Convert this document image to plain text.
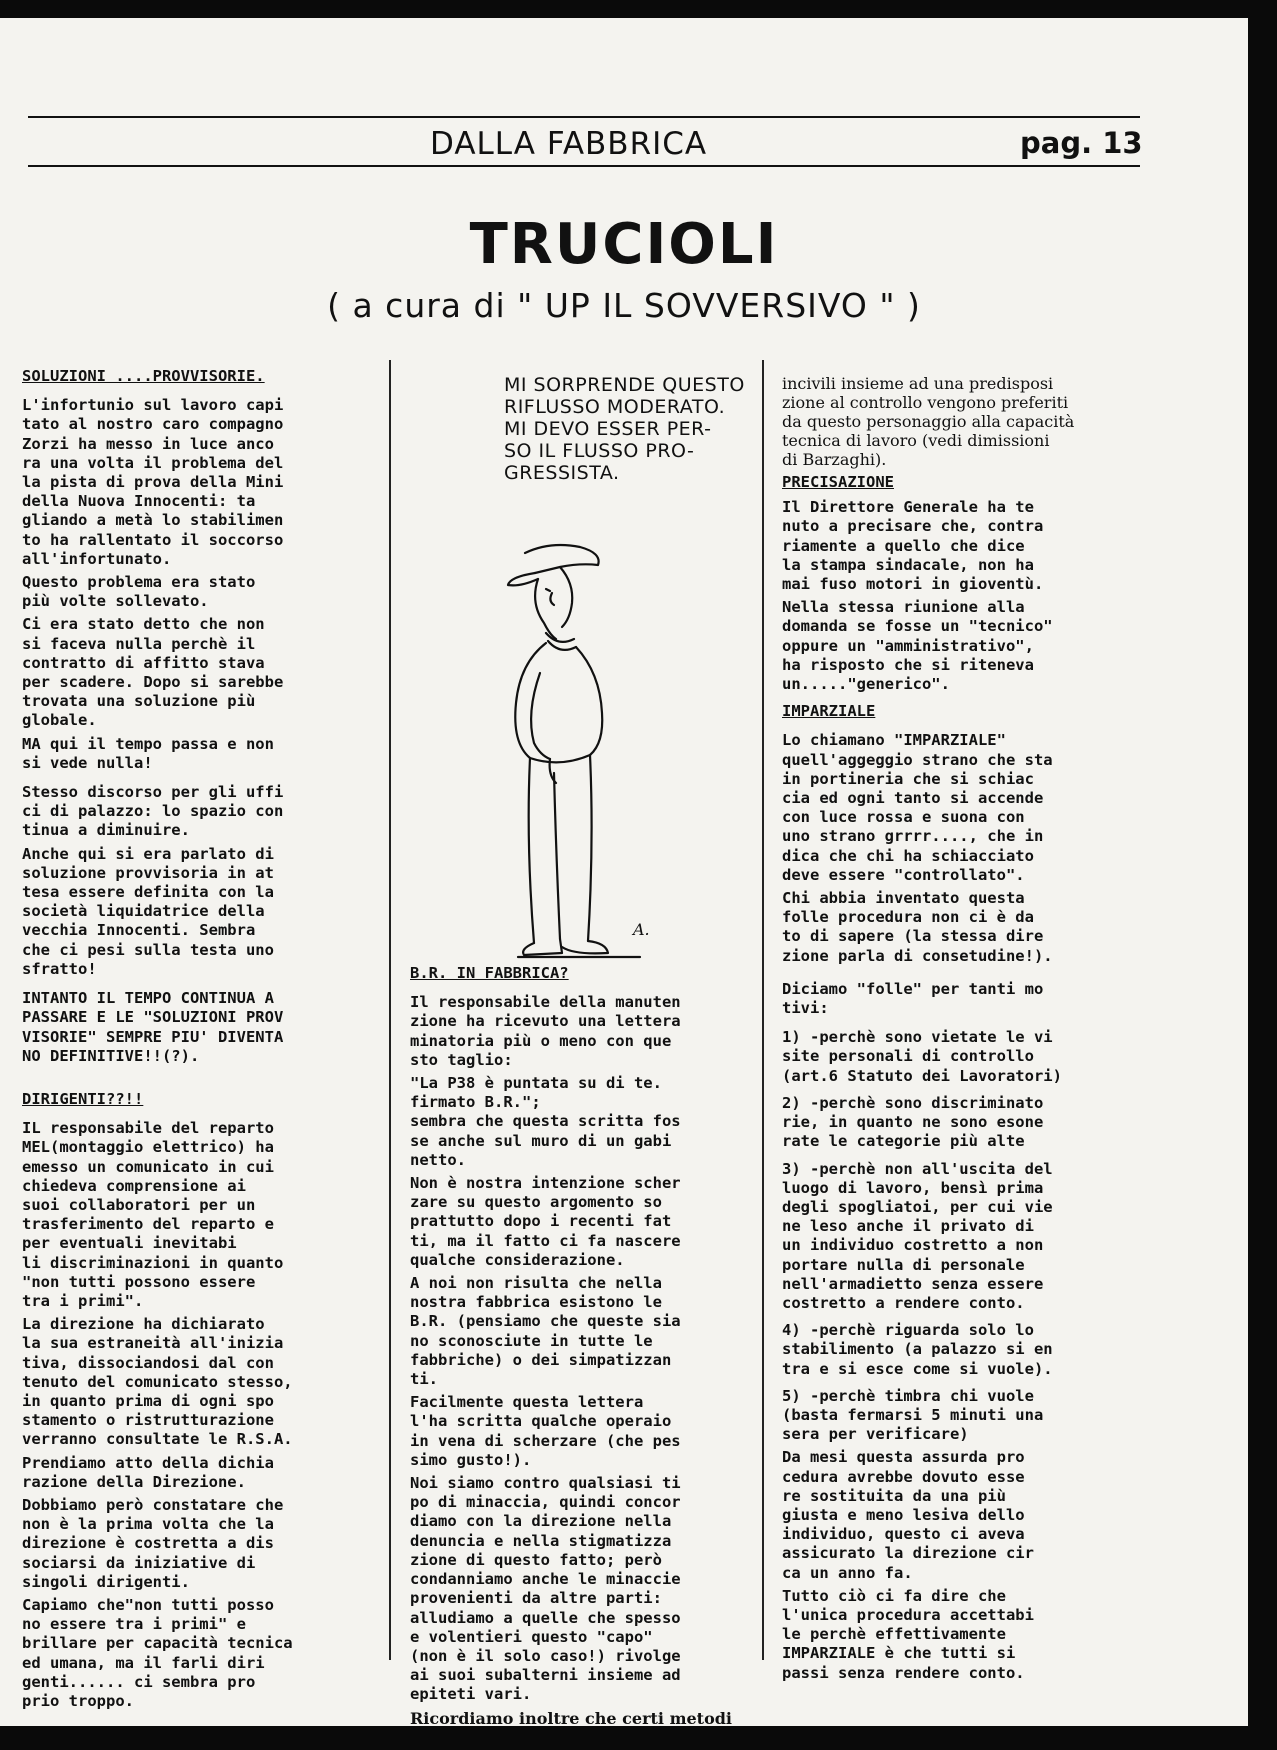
DALLA FABBRICA	pag. 13
TRUCIOLI
( a cura di " UP IL SOVVERSIVO " )

SOLUZIONI ....PROVVISORIE.

L'infortunio sul lavoro capi
tato al nostro caro compagno
Zorzi ha messo in luce anco
ra una volta il problema del
la pista di prova della Mini
della Nuova Innocenti: ta
gliando a metà lo stabilimen
to ha rallentato il soccorso
all'infortunato.

Questo problema era stato
più volte sollevato.

Ci era stato detto che non
si faceva nulla perchè il
contratto di affitto stava
per scadere. Dopo si sarebbe
trovata una soluzione più
globale.

MA qui il tempo passa e non
si vede nulla!

Stesso discorso per gli uffi
ci di palazzo: lo spazio con
tinua a diminuire.

Anche qui si era parlato di
soluzione provvisoria in at
tesa essere definita con la
società liquidatrice della
vecchia Innocenti. Sembra
che ci pesi sulla testa uno
sfratto!

INTANTO IL TEMPO CONTINUA A
PASSARE E LE "SOLUZIONI PROV
VISORIE" SEMPRE PIU' DIVENTA
NO DEFINITIVE!!(?).

DIRIGENTI??!!

IL responsabile del reparto
MEL(montaggio elettrico) ha
emesso un comunicato in cui
chiedeva comprensione ai
suoi collaboratori per un
trasferimento del reparto e
per eventuali inevitabi
li discriminazioni in quanto
"non tutti possono essere
tra i primi".

La direzione ha dichiarato
la sua estraneità all'inizia
tiva, dissociandosi dal con
tenuto del comunicato stesso,
in quanto prima di ogni spo
stamento o ristrutturazione
verranno consultate le R.S.A.

Prendiamo atto della dichia
razione della Direzione.

Dobbiamo però constatare che
non è la prima volta che la
direzione è costretta a dis
sociarsi da iniziative di
singoli dirigenti.

Capiamo che"non tutti posso
no essere tra i primi" e
brillare per capacità tecnica
ed umana, ma il farli diri
genti...... ci sembra pro
prio troppo.

MI SORPRENDE QUESTO
RIFLUSSO MODERATO.
MI DEVO ESSER PER-
SO IL FLUSSO PRO-
GRESSISTA.
A.

B.R. IN FABBRICA?

Il responsabile della manuten
zione ha ricevuto una lettera
minatoria più o meno con que
sto taglio:

"La P38 è puntata su di te.
firmato B.R.";
sembra che questa scritta fos
se anche sul muro di un gabi
netto.

Non è nostra intenzione scher
zare su questo argomento so
prattutto dopo i recenti fat
ti, ma il fatto ci fa nascere
qualche considerazione.

A noi non risulta che nella
nostra fabbrica esistono le
B.R. (pensiamo che queste sia
no sconosciute in tutte le
fabbriche) o dei simpatizzan
ti.

Facilmente questa lettera
l'ha scritta qualche operaio
in vena di scherzare (che pes
simo gusto!).

Noi siamo contro qualsiasi ti
po di minaccia, quindi concor
diamo con la direzione nella
denuncia e nella stigmatizza
zione di questo fatto; però
condanniamo anche le minaccie
provenienti da altre parti:
alludiamo a quelle che spesso
e volentieri questo "capo"
(non è il solo caso!) rivolge
ai suoi subalterni insieme ad
epiteti vari.

Ricordiamo inoltre che certi metodi

incivili insieme ad una predisposi
zione al controllo vengono preferiti
da questo personaggio alla capacità
tecnica di lavoro (vedi dimissioni
di Barzaghi).

PRECISAZIONE

Il Direttore Generale ha te
nuto a precisare che, contra
riamente a quello che dice
la stampa sindacale, non ha
mai fuso motori in gioventù.

Nella stessa riunione alla
domanda se fosse un "tecnico"
oppure un "amministrativo",
ha risposto che si riteneva
un....."generico".

IMPARZIALE

Lo chiamano "IMPARZIALE"
quell'aggeggio strano che sta
in portineria che si schiac
cia ed ogni tanto si accende
con luce rossa e suona con
uno strano grrrr...., che in
dica che chi ha schiacciato
deve essere "controllato".

Chi abbia inventato questa
folle procedura non ci è da
to di sapere (la stessa dire
zione parla di consetudine!).

Diciamo "folle" per tanti mo
tivi:

1) -perchè sono vietate le vi
site personali di controllo
(art.6 Statuto dei Lavoratori)

2) -perchè sono discriminato
rie, in quanto ne sono esone
rate le categorie più alte

3) -perchè non all'uscita del
luogo di lavoro, bensì prima
degli spogliatoi, per cui vie
ne leso anche il privato di
un individuo costretto a non
portare nulla di personale
nell'armadietto senza essere
costretto a rendere conto.

4) -perchè riguarda solo lo
stabilimento (a palazzo si en
tra e si esce come si vuole).

5) -perchè timbra chi vuole
(basta fermarsi 5 minuti una
sera per verificare)

Da mesi questa assurda pro
cedura avrebbe dovuto esse
re sostituita da una più
giusta e meno lesiva dello
individuo, questo ci aveva
assicurato la direzione cir
ca un anno fa.

Tutto ciò ci fa dire che
l'unica procedura accettabi
le perchè effettivamente
IMPARZIALE è che tutti si
passi senza rendere conto.
